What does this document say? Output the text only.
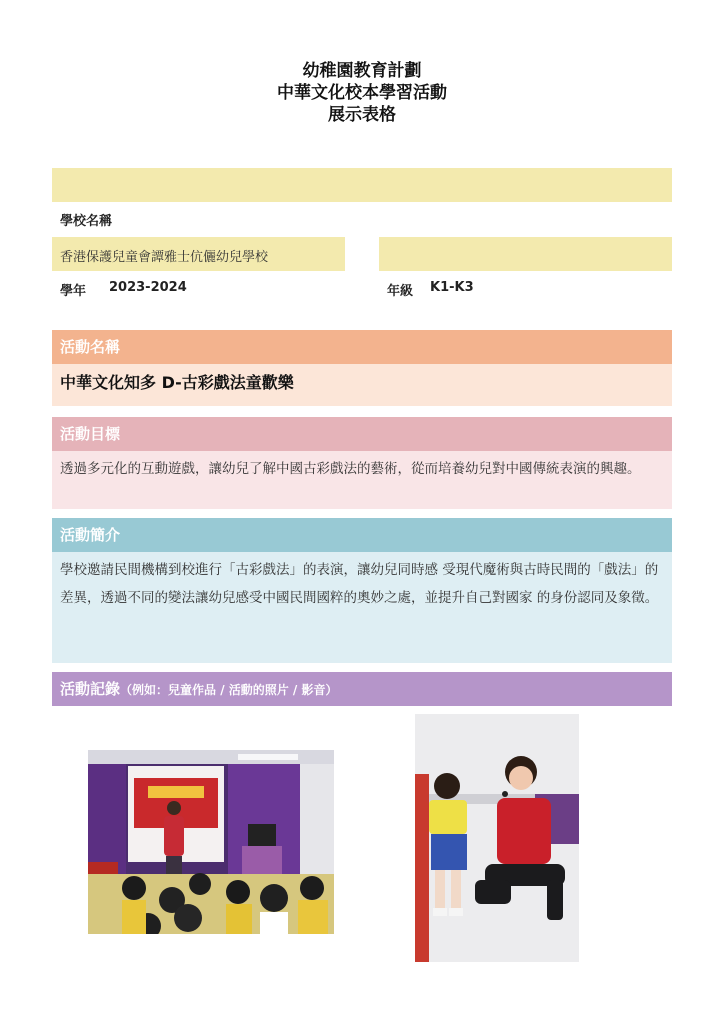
幼稚園教育計劃
中華文化校本學習活動
展示表格
學校名稱
香港保護兒童會譚雅士伉儷幼兒學校
學年 2023-2024	年級 K1-K3
活動名稱
中華文化知多 D-古彩戲法童歡樂
活動目標

透過多元化的互動遊戲，讓幼兒了解中國古彩戲法的藝術，從而培養幼兒對中國傳統表演的興趣。

活動簡介

學校邀請民間機構到校進行「古彩戲法」的表演，讓幼兒同時感 受現代魔術與古時民間的「戲法」的差異，透過不同的變法讓幼兒感受中國民間國粹的奧妙之處，並提升自己對國家 的身份認同及象徵。

活動記錄（例如：兒童作品 / 活動的照片 / 影音）
